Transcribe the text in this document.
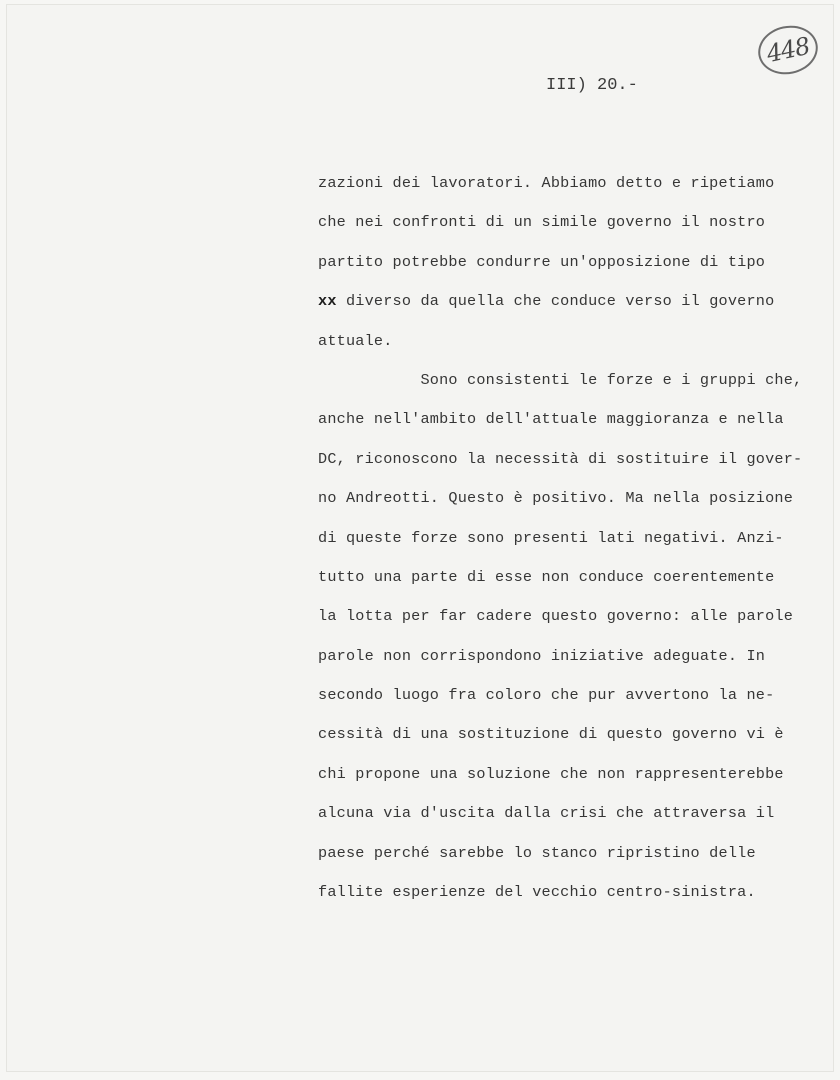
448
III) 20.-
zazioni dei lavoratori. Abbiamo detto e ripetiamo
che nei confronti di un simile governo il nostro
partito potrebbe condurre un'opposizione di tipo
xx diverso da quella che conduce verso il governo
attuale.
Sono consistenti le forze e i gruppi che,
anche nell'ambito dell'attuale maggioranza e nella
DC, riconoscono la necessità di sostituire il gover-
no Andreotti. Questo è positivo. Ma nella posizione
di queste forze sono presenti lati negativi. Anzi-
tutto una parte di esse non conduce coerentemente
la lotta per far cadere questo governo: alle parole
parole non corrispondono iniziative adeguate. In
secondo luogo fra coloro che pur avvertono la ne-
cessità di una sostituzione di questo governo vi è
chi propone una soluzione che non rappresenterebbe
alcuna via d'uscita dalla crisi che attraversa il
paese perché sarebbe lo stanco ripristino delle
fallite esperienze del vecchio centro-sinistra.
